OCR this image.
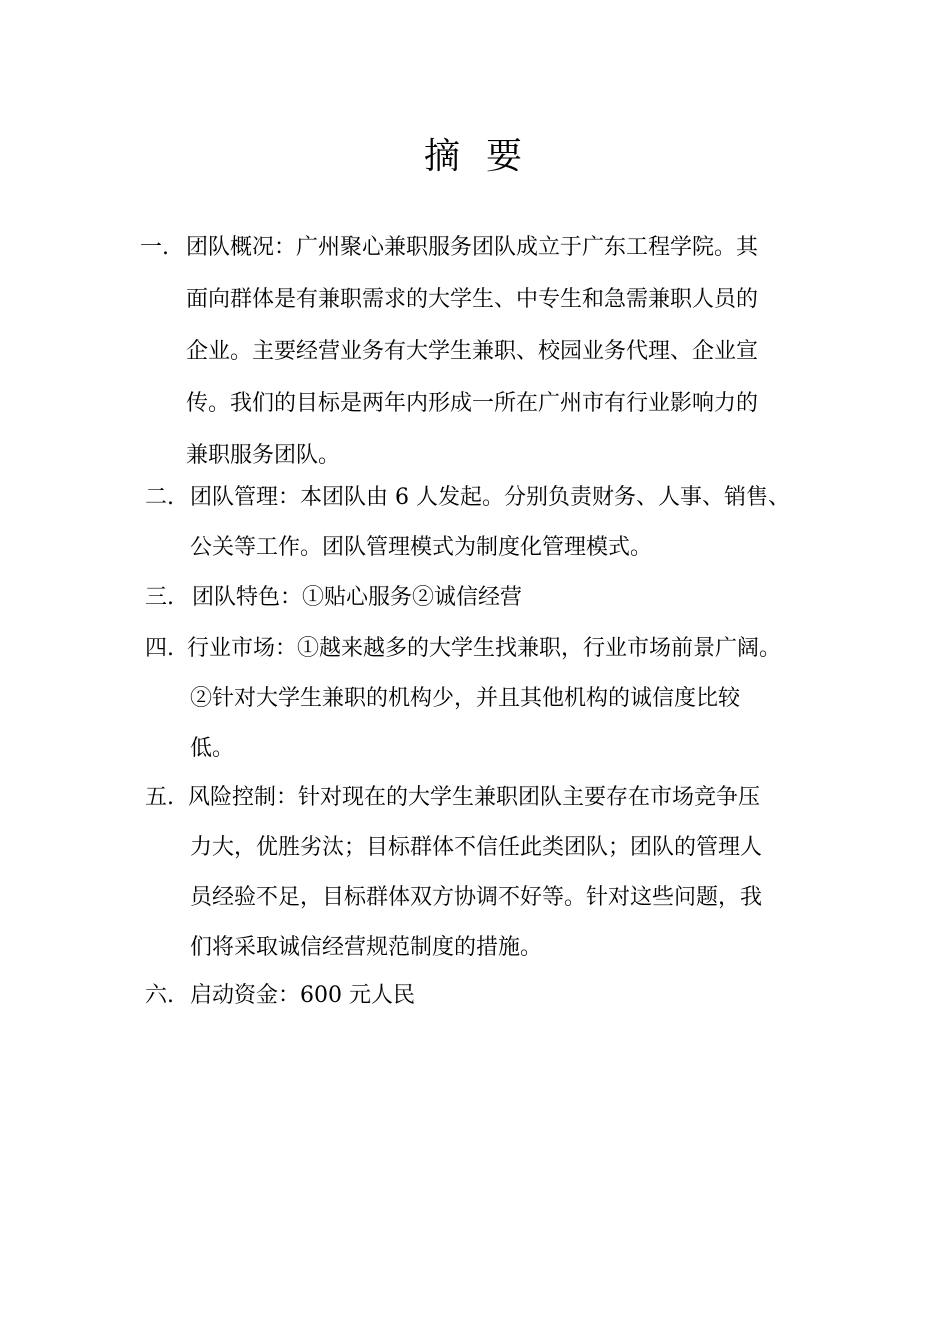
摘 要
一. 团队概况：广州聚心兼职服务团队成立于广东工程学院。其
面向群体是有兼职需求的大学生、中专生和急需兼职人员的
企业。主要经营业务有大学生兼职、校园业务代理、企业宣
传。我们的目标是两年内形成一所在广州市有行业影响力的
兼职服务团队。
二. 团队管理：本团队由 6 人发起。分别负责财务、人事、销售、
公关等工作。团队管理模式为制度化管理模式。
三. 团队特色：①贴心服务②诚信经营
四. 行业市场：①越来越多的大学生找兼职，行业市场前景广阔。
②针对大学生兼职的机构少，并且其他机构的诚信度比较
低。
五. 风险控制：针对现在的大学生兼职团队主要存在市场竞争压
力大，优胜劣汰；目标群体不信任此类团队；团队的管理人
员经验不足，目标群体双方协调不好等。针对这些问题，我
们将采取诚信经营规范制度的措施。
六. 启动资金：600 元人民
